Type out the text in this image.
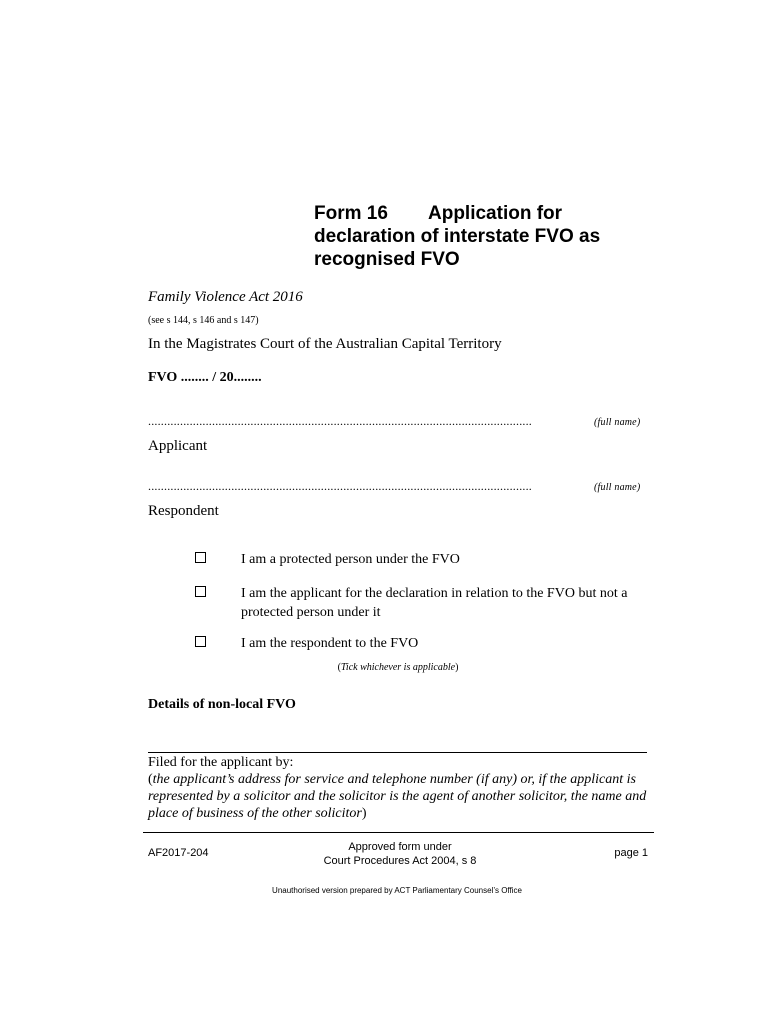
Form 16 Application for declaration of interstate FVO as recognised FVO
Family Violence Act 2016
(see s 144, s 146 and s 147)
In the Magistrates Court of the Australian Capital Territory
FVO ........ / 20........
........................................................................................................................	(full name)
Applicant
........................................................................................................................	(full name)
Respondent
I am a protected person under the FVO
I am the applicant for the declaration in relation to the FVO but not a protected person under it
I am the respondent to the FVO
(Tick whichever is applicable)
Details of non-local FVO
Filed for the applicant by:
(the applicant’s address for service and telephone number (if any) or, if the applicant is represented by a solicitor and the solicitor is the agent of another solicitor, the name and place of business of the other solicitor)
AF2017-204	Approved form under
Court Procedures Act 2004, s 8
page 1
Unauthorised version prepared by ACT Parliamentary Counsel’s Office
